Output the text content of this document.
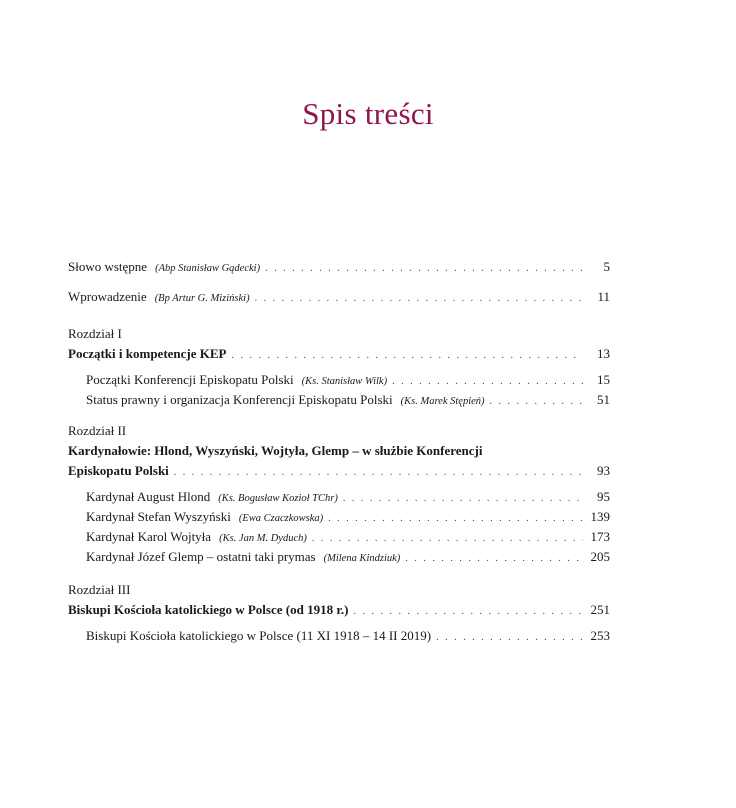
Spis treści
Słowo wstępne (Abp Stanisław Gądecki) . . .	5
Wprowadzenie (Bp Artur G. Miziński) . . .	11
Rozdział I
Początki i kompetencje KEP . . .	13
Początki Konferencji Episkopatu Polski (Ks. Stanisław Wilk) . . .	15
Status prawny i organizacja Konferencji Episkopatu Polski (Ks. Marek Stępień) . . .	51
Rozdział II
Kardynałowie: Hlond, Wyszyński, Wojtyła, Glemp – w służbie Konferencji
Episkopatu Polski . . .	93
Kardynał August Hlond (Ks. Bogusław Kozioł TChr) . . .	95
Kardynał Stefan Wyszyński (Ewa Czaczkowska) . . .	139
Kardynał Karol Wojtyła (Ks. Jan M. Dyduch) . . .	173
Kardynał Józef Glemp – ostatni taki prymas (Milena Kindziuk) . . .	205
Rozdział III
Biskupi Kościoła katolickiego w Polsce (od 1918 r.) . . .	251
Biskupi Kościoła katolickiego w Polsce (11 XI 1918 – 14 II 2019) . . .	253
